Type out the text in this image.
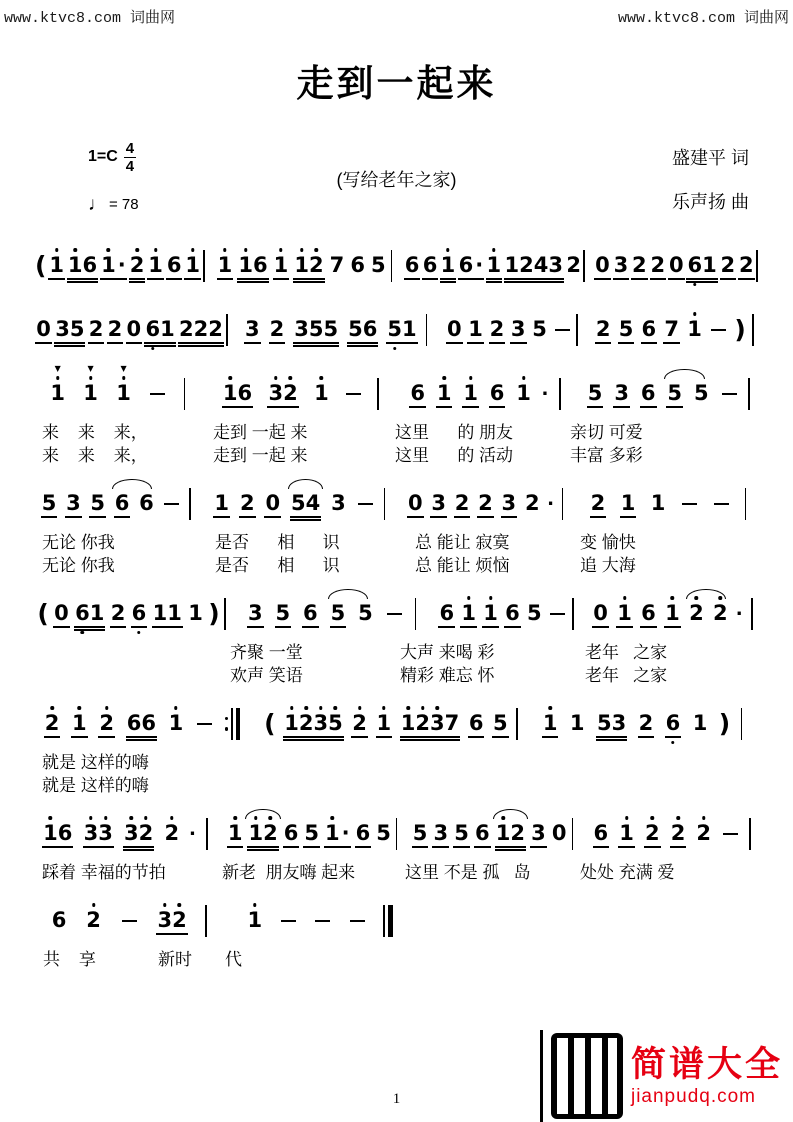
www.ktvc8.com 词曲网	www.ktvc8.com 词曲网
走到一起来
1=C 4
4
♩ = 78
(写给老年之家)
盛建平 词
乐声扬 曲
( 1 1 6 1 · 2 1 6 1 1 1 6 1 1 2 7 6 5 6 6 1 6 · 1 1 2 4 3 2 0 3 2 2 0 6 1 2 2
0 3 5 2 2 0 6 1 2 2 2 3 2 3 5 5 5 6 5 1 0 1 2 3 5 2 5 6 7 1 )
▼ 1 ▼ 1 ▼ 1	1 6 3 2 1	6 1 1 6 1 · 5 3 6 5 5
来    来    来，	走到 一起 来	这里      的 朋友	亲切 可爱
来    来    来，	走到 一起 来	这里      的 活动	丰富 多彩
5 3 5 6 6	1 2 0 5 4 3	0 3 2 2 3 2 · 2 1 1
无论 你我	是否      相      识	总 能让 寂寞	变 愉快
无论 你我	是否      相      识	总 能让 烦恼	追 大海
( 0 6 1 2 6 1 1 1 ) 3 5 6 5 5	6 1 1 6 5 0 1 6 1 2 2 ·
齐聚 一堂	大声 来喝 彩	老年   之家
欢声 笑语	精彩 难忘 怀	老年   之家
2 1 2 6 6 1	( 1 2 3 5 2 1 1 2 3 7 6 5 1 1 5 3 2 6 1 )
就是 这样的嗨
就是 这样的嗨
1 6 3 3 3 2 2 · 1 1 2 6 5 1 · 6 5 5 3 5 6 1 2 3 0 6 1 2 2 2
踩着 幸福的节拍	新老  朋友嗨 起来	这里 不是 孤   岛	处处 充满 爱
6 2	3 2	1
共    享	新时 代
1
简谱大全
jianpudq.com
